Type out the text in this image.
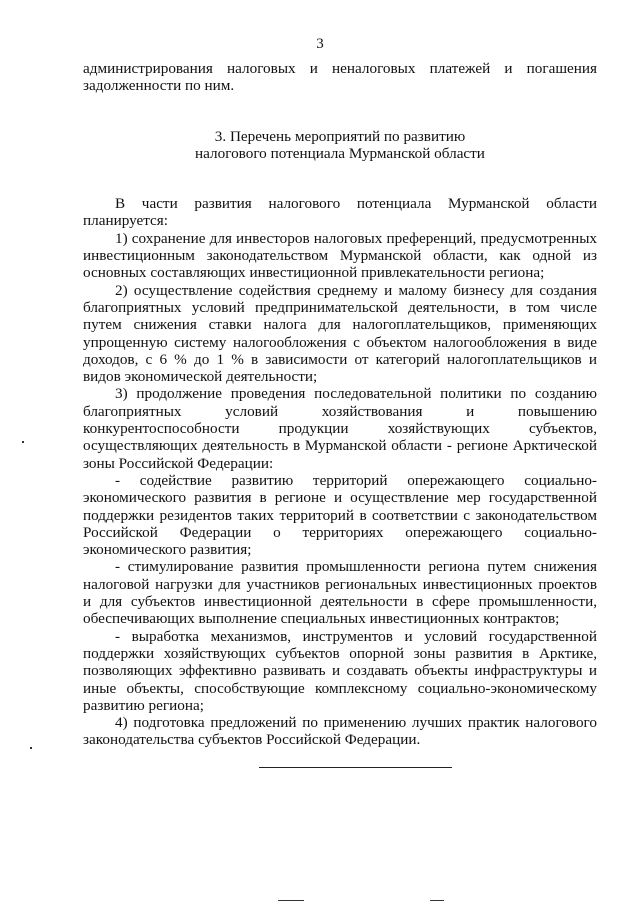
3

администрирования налоговых и неналоговых платежей и погашения задолженности по ним.

3. Перечень мероприятий по развитию
налогового потенциала Мурманской области

В части развития налогового потенциала Мурманской области планируется:

1) сохранение для инвесторов налоговых преференций, предусмотренных инвестиционным законодательством Мурманской области, как одной из основных составляющих инвестиционной привлекательности региона;

2) осуществление содействия среднему и малому бизнесу для создания благоприятных условий предпринимательской деятельности, в том числе путем снижения ставки налога для налогоплательщиков, применяющих упрощенную систему налогообложения с объектом налогообложения в виде доходов, с 6 % до 1 % в зависимости от категорий налогоплательщиков и видов экономической деятельности;

3) продолжение проведения последовательной политики по созданию благоприятных условий хозяйствования и повышению конкурентоспособности продукции хозяйствующих субъектов, осуществляющих деятельность в Мурманской области - регионе Арктической зоны Российской Федерации:

- содействие развитию территорий опережающего социально-экономического развития в регионе и осуществление мер государственной поддержки резидентов таких территорий в соответствии с законодательством Российской Федерации о территориях опережающего социально-экономического развития;

- стимулирование развития промышленности региона путем снижения налоговой нагрузки для участников региональных инвестиционных проектов и для субъектов инвестиционной деятельности в сфере промышленности, обеспечивающих выполнение специальных инвестиционных контрактов;

- выработка механизмов, инструментов и условий государственной поддержки хозяйствующих субъектов опорной зоны развития в Арктике, позволяющих эффективно развивать и создавать объекты инфраструктуры и иные объекты, способствующие комплексному социально-экономическому развитию региона;

4) подготовка предложений по применению лучших практик налогового законодательства субъектов Российской Федерации.
